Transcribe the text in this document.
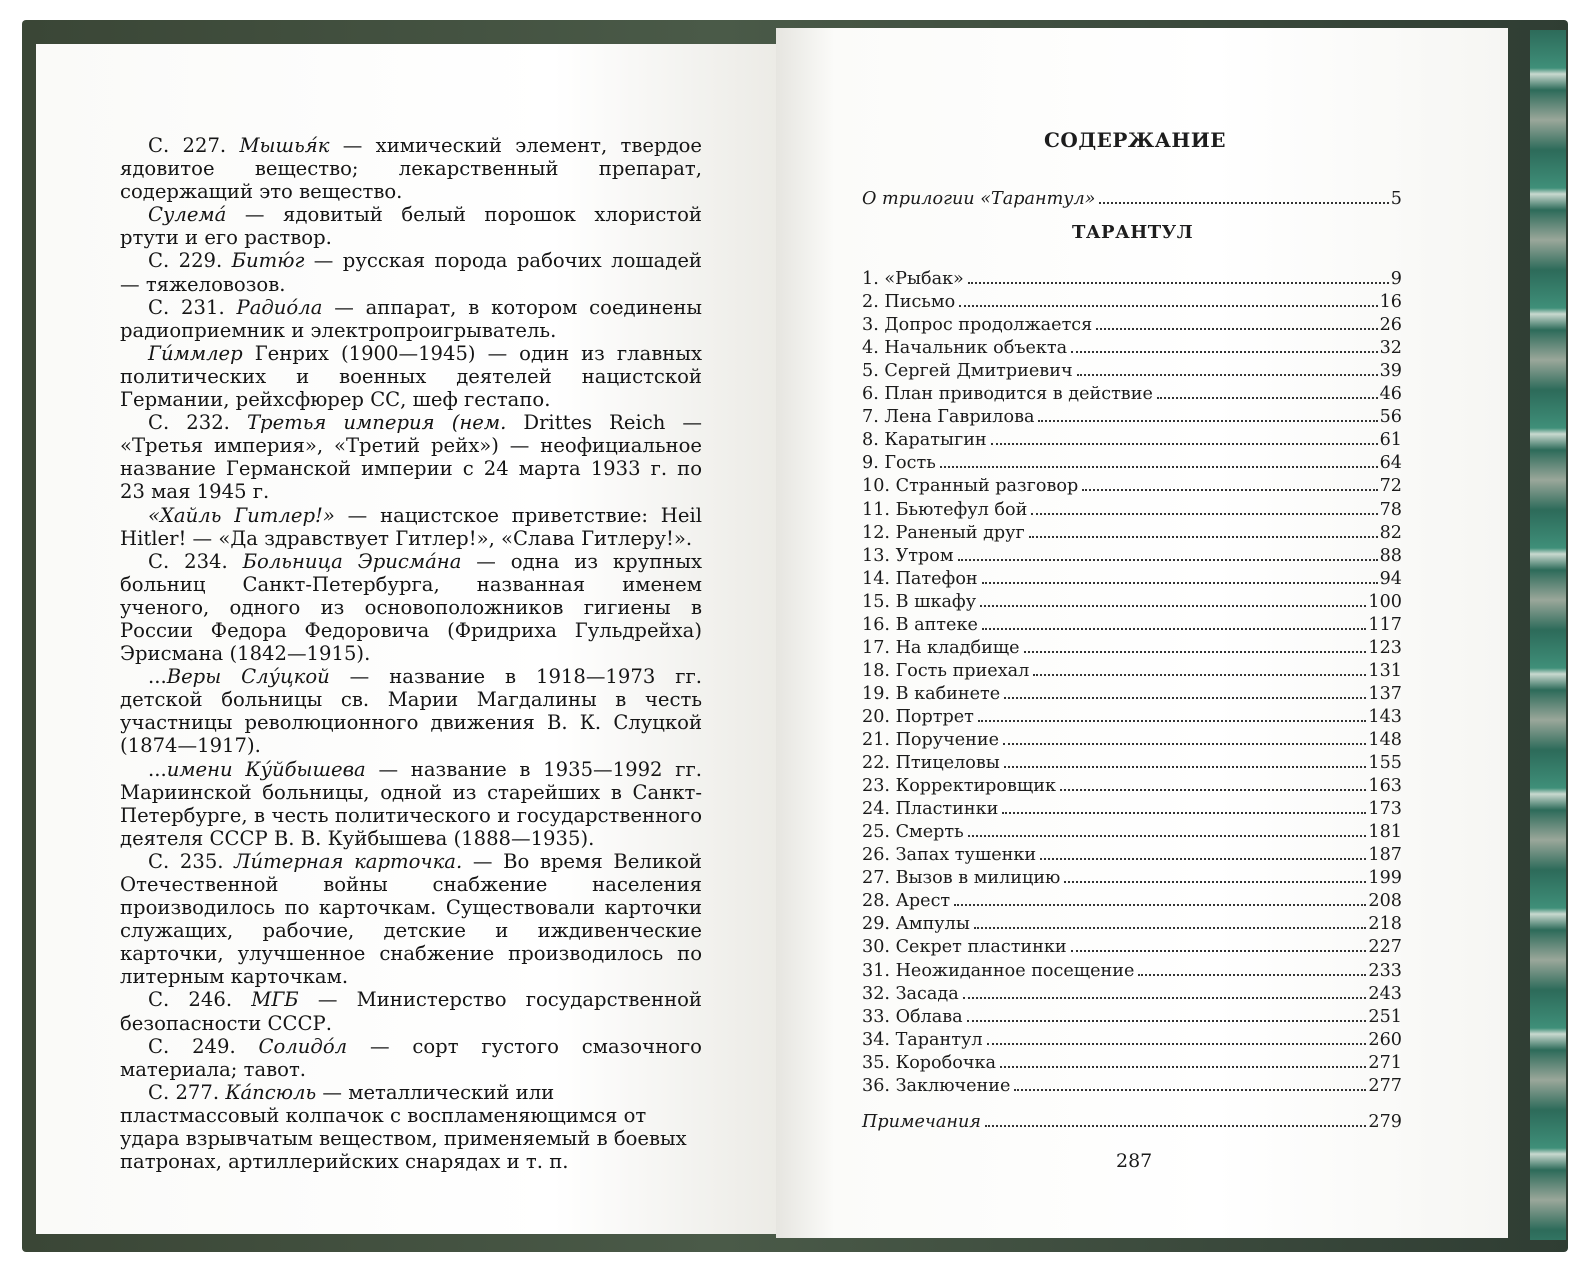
С. 227. Мышья́к — химический элемент, твердое ядовитое вещество; лекарственный препарат, содержащий это вещество.

Сулема́ — ядовитый белый порошок хлористой ртути и его раствор.

С. 229. Битю́г — русская порода рабочих лошадей — тяжеловозов.

С. 231. Радио́ла — аппарат, в котором соединены радиоприемник и электропроигрыватель.

Ги́ммлер Генрих (1900—1945) — один из главных политических и военных деятелей нацистской Германии, рейхсфюрер СС, шеф гестапо.

С. 232. Третья империя (нем. Drittes Reich — «Третья империя», «Третий рейх») — неофициальное название Германской империи с 24 марта 1933 г. по 23 мая 1945 г.

«Хайль Гитлер!» — нацистское приветствие: Heil Hitler! — «Да здравствует Гитлер!», «Слава Гитлеру!».

С. 234. Больница Эрисма́на — одна из крупных больниц Санкт-Петербурга, названная именем ученого, одного из основоположников гигиены в России Федора Федоровича (Фридриха Гульдрейха) Эрисмана (1842—1915).

...Веры Слу́цкой — название в 1918—1973 гг. детской больницы св. Марии Магдалины в честь участницы революционного движения В. К. Слуцкой (1874—1917).

...имени Ку́йбышева — название в 1935—1992 гг. Мариинской больницы, одной из старейших в Санкт-Петербурге, в честь политического и государственного деятеля СССР В. В. Куйбышева (1888—1935).

С. 235. Ли́терная карточка. — Во время Великой Отечественной войны снабжение населения производилось по карточкам. Существовали карточки служащих, рабочие, детские и иждивенческие карточки, улучшенное снабжение производилось по литерным карточкам.

С. 246. МГБ — Министерство государственной безопасности СССР.

С. 249. Солидо́л — сорт густого смазочного материала; тавот.

С. 277. Ка́псюль — металлический или пластмассовый колпачок с воспламеняющимся от удара взрывчатым веществом, применяемый в боевых патронах, артиллерийских снарядах и т. п.

СОДЕРЖАНИЕ
О трилогии «Тарантул»	5
ТАРАНТУЛ
1. «Рыбак»	9
2. Письмо	16
3. Допрос продолжается	26
4. Начальник объекта	32
5. Сергей Дмитриевич	39
6. План приводится в действие	46
7. Лена Гаврилова	56
8. Каратыгин	61
9. Гость	64
10. Странный разговор	72
11. Бьютефул бой	78
12. Раненый друг	82
13. Утром	88
14. Патефон	94
15. В шкафу	100
16. В аптеке	117
17. На кладбище	123
18. Гость приехал	131
19. В кабинете	137
20. Портрет	143
21. Поручение	148
22. Птицеловы	155
23. Корректировщик	163
24. Пластинки	173
25. Смерть	181
26. Запах тушенки	187
27. Вызов в милицию	199
28. Арест	208
29. Ампулы	218
30. Секрет пластинки	227
31. Неожиданное посещение	233
32. Засада	243
33. Облава	251
34. Тарантул	260
35. Коробочка	271
36. Заключение	277
Примечания	279
287
